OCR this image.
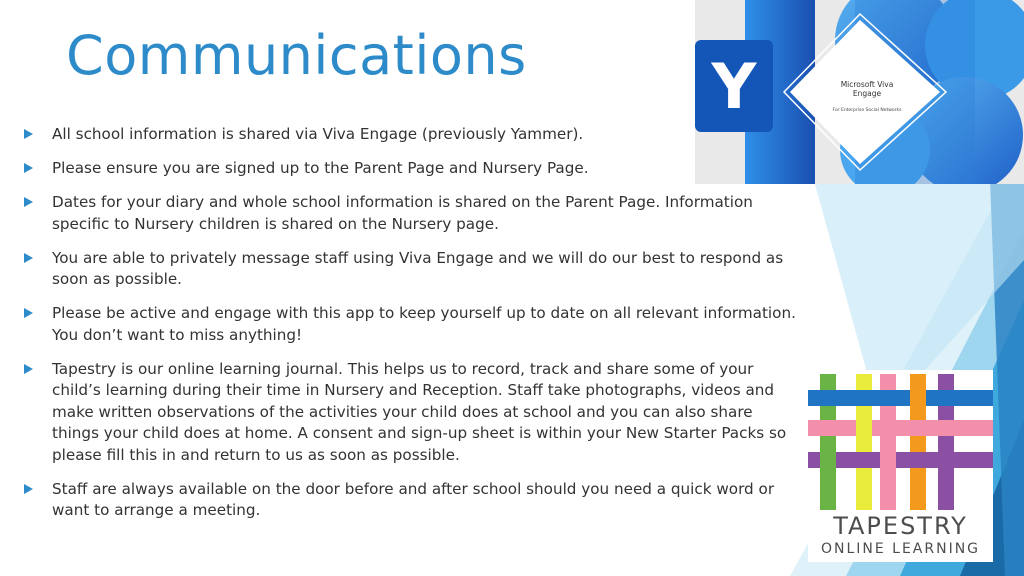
Communications
All school information is shared via Viva Engage (previously Yammer).
Please ensure you are signed up to the Parent Page and Nursery Page.
Dates for your diary and whole school information is shared on the Parent Page. Information specific to Nursery children is shared on the Nursery page.
You are able to privately message staff using Viva Engage and we will do our best to respond as soon as possible.
Please be active and engage with this app to keep yourself up to date on all relevant information. You don’t want to miss anything!
Tapestry is our online learning journal. This helps us to record, track and share some of your child’s learning during their time in Nursery and Reception. Staff take photographs, videos and make written observations of the activities your child does at school and you can also share things your child does at home. A consent and sign-up sheet is within your New Starter Packs so please fill this in and return to us as soon as possible.
Staff are always available on the door before and after school should you need a quick word or want to arrange a meeting.
Y	Microsoft Viva Engage
For Enterprise Social Networks
TAPESTRY
ONLINE LEARNING
